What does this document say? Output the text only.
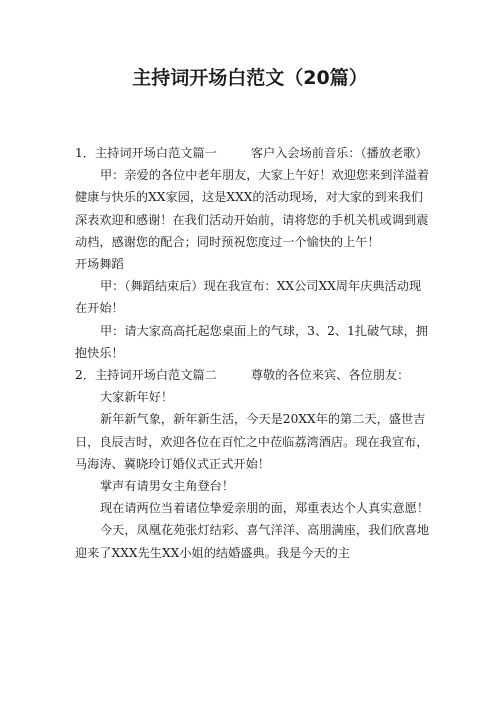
主持词开场白范文（20篇）

1．主持词开场白范文篇一	客户入会场前音乐：（播放老歌）

甲：亲爱的各位中老年朋友，大家上午好！欢迎您来到洋溢着健康与快乐的XX家园，这是XXX的活动现场，对大家的到来我们深表欢迎和感谢！在我们活动开始前，请将您的手机关机或调到震动档，感谢您的配合；同时预祝您度过一个愉快的上午！

开场舞蹈

甲：（舞蹈结束后）现在我宣布：XX公司XX周年庆典活动现在开始！

甲：请大家高高托起您桌面上的气球，3、2、1扎破气球，拥抱快乐！

2．主持词开场白范文篇二	尊敬的各位来宾、各位朋友：

大家新年好！

新年新气象，新年新生活，今天是20XX年的第二天，盛世吉日，良辰吉时，欢迎各位在百忙之中莅临荔湾酒店。现在我宣布，马海涛、冀晓玲订婚仪式正式开始！

掌声有请男女主角登台！

现在请两位当着诸位挚爱亲朋的面，郑重表达个人真实意愿！

今天，凤凰花苑张灯结彩、喜气洋洋、高朋满座，我们欣喜地迎来了XXX先生XX小姐的结婚盛典。我是今天的主
